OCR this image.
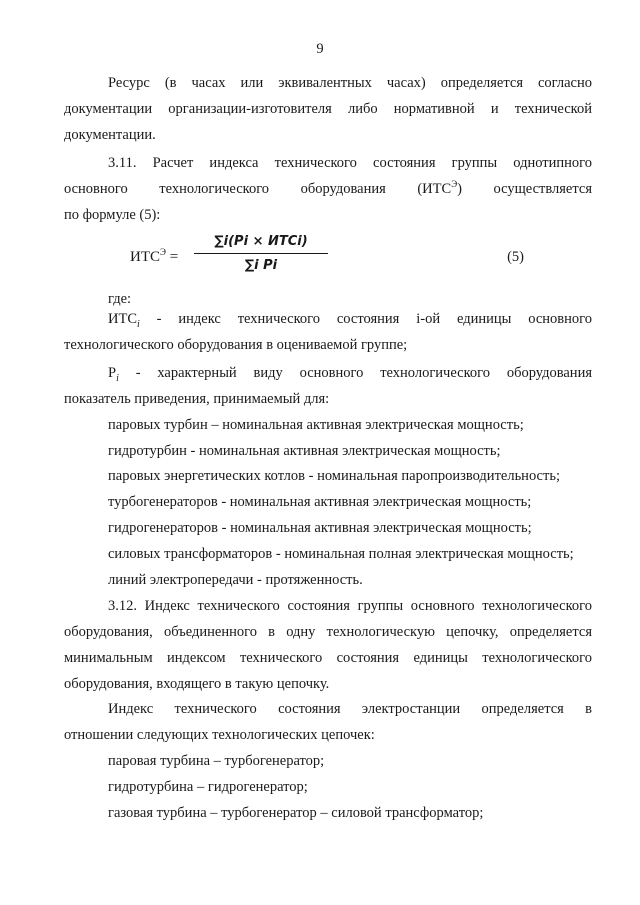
9
Ресурс (в часах или эквивалентных часах) определяется согласно
документации организации-изготовителя либо нормативной и технической
документации.
3.11. Расчет индекса технического состояния группы однотипного
основного технологического оборудования $(ИТС^Э)$ осуществляется
по формуле (5):
$ИТС^Э$ =
∑i(Pi × ИТСi)
∑i Pi
(5)
где:
$ИТС_i$ - индекс технического состояния i-ой единицы основного
технологического оборудования в оцениваемой группе;
$P_i$ - характерный виду основного технологического оборудования
показатель приведения, принимаемый для:
паровых турбин – номинальная активная электрическая мощность;
гидротурбин - номинальная активная электрическая мощность;
паровых энергетических котлов - номинальная паропроизводительность;
турбогенераторов - номинальная активная электрическая мощность;
гидрогенераторов - номинальная активная электрическая мощность;
силовых трансформаторов - номинальная полная электрическая мощность;
линий электропередачи - протяженность.
3.12. Индекс технического состояния группы основного технологического
оборудования, объединенного в одну технологическую цепочку, определяется
минимальным индексом технического состояния единицы технологического
оборудования, входящего в такую цепочку.
Индекс технического состояния электростанции определяется в
отношении следующих технологических цепочек:
паровая турбина – турбогенератор;
гидротурбина – гидрогенератор;
газовая турбина – турбогенератор – силовой трансформатор;
